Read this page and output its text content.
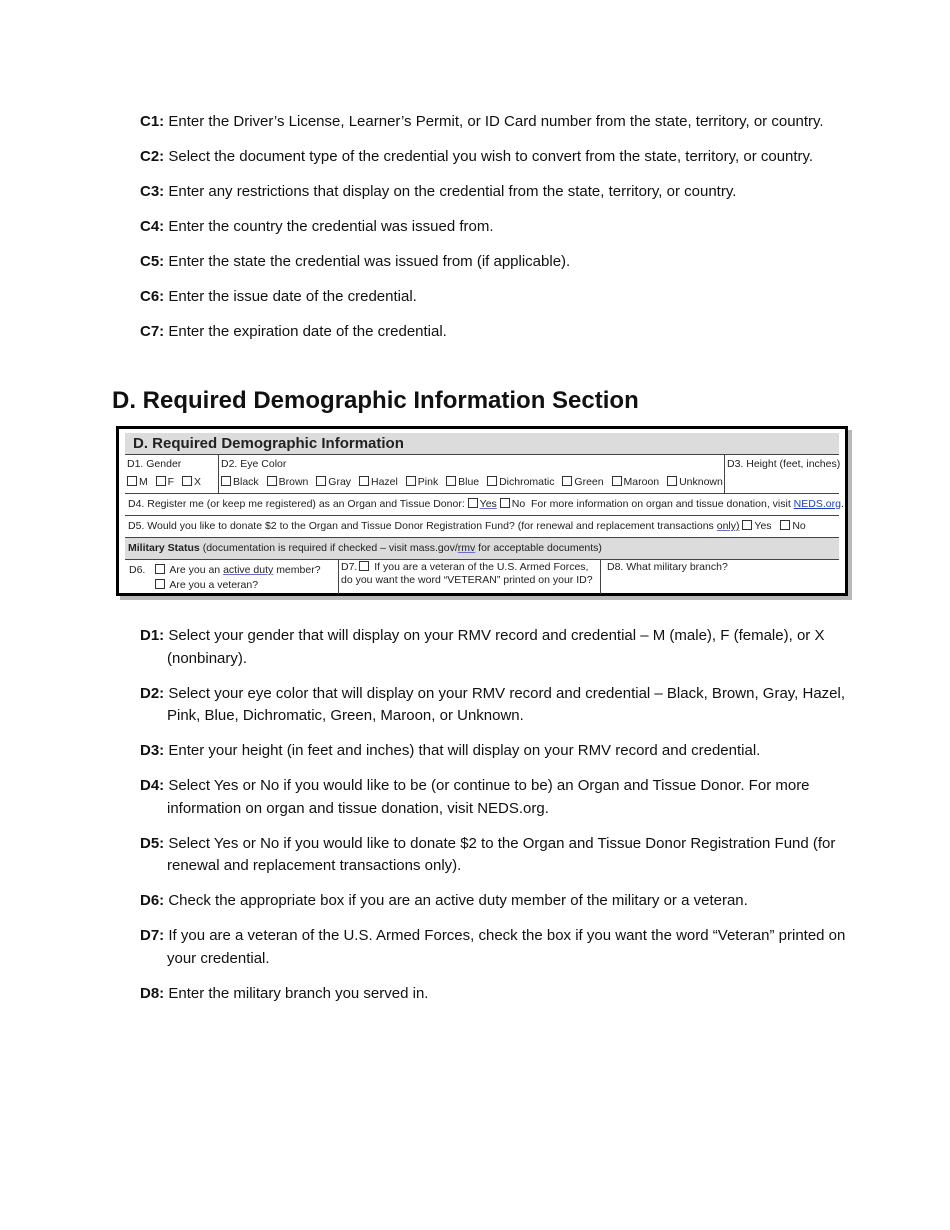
C1: Enter the Driver’s License, Learner’s Permit, or ID Card number from the state, territory, or country.
C2: Select the document type of the credential you wish to convert from the state, territory, or country.
C3: Enter any restrictions that display on the credential from the state, territory, or country.
C4: Enter the country the credential was issued from.
C5: Enter the state the credential was issued from (if applicable).
C6: Enter the issue date of the credential.
C7: Enter the expiration date of the credential.
D. Required Demographic Information Section
D. Required Demographic Information
D1. Gender
M F X
D2. Eye Color
Black Brown Gray Hazel Pink Blue Dichromatic Green Maroon Unknown
D3. Height (feet, inches)
D4. Register me (or keep me registered) as an Organ and Tissue Donor: Yes No For more information on organ and tissue donation, visit NEDS.org.
D5. Would you like to donate $2 to the Organ and Tissue Donor Registration Fund? (for renewal and replacement transactions only) Yes No
Military Status (documentation is required if checked – visit mass.gov/rmv for acceptable documents)
D6.	Are you an active duty member?
Are you a veteran?
D7. If you are a veteran of the U.S. Armed Forces,
do you want the word “VETERAN” printed on your ID?
D8. What military branch?
D1: Select your gender that will display on your RMV record and credential – M (male), F (female), or X (nonbinary).
D2: Select your eye color that will display on your RMV record and credential – Black, Brown, Gray, Hazel, Pink, Blue, Dichromatic, Green, Maroon, or Unknown.
D3: Enter your height (in feet and inches) that will display on your RMV record and credential.
D4: Select Yes or No if you would like to be (or continue to be) an Organ and Tissue Donor. For more information on organ and tissue donation, visit NEDS.org.
D5: Select Yes or No if you would like to donate $2 to the Organ and Tissue Donor Registration Fund (for renewal and replacement transactions only).
D6: Check the appropriate box if you are an active duty member of the military or a veteran.
D7: If you are a veteran of the U.S. Armed Forces, check the box if you want the word “Veteran” printed on your credential.
D8: Enter the military branch you served in.
